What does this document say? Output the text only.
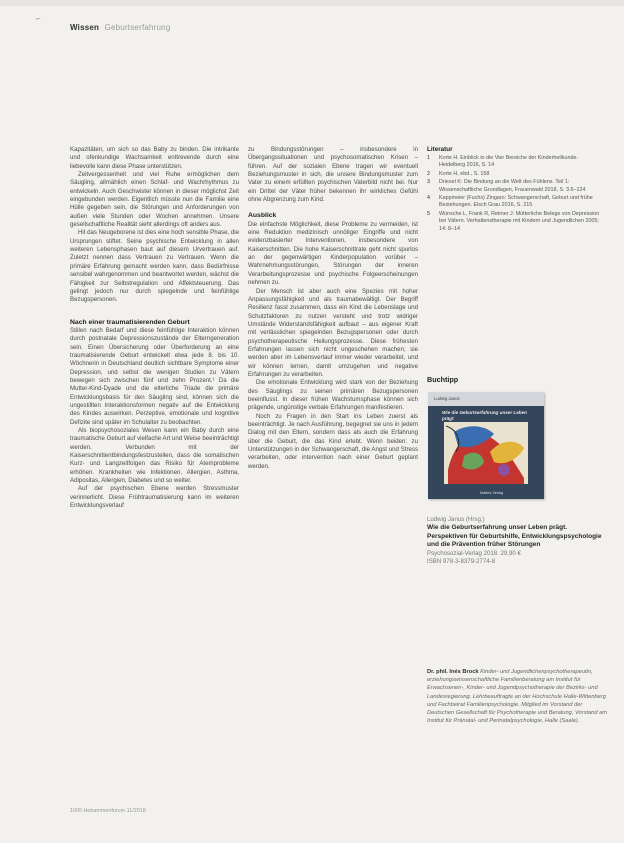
⌐
Wissen Geburtserfahrung

Kapazitäten, um sich so das Baby zu binden. Die intrikante und ofenkundige Wachsamkeit enttrevende durch eine liebevolle kann diese Phase unterstützen.

Zeitvergessenheit und viel Ruhe ermöglichen dem Säugling, allmählich einen Schlaf- und Wachrhythmus zu entwickeln. Auch Geschwister können in dieser möglichst Zeit eingebunden werden. Eigentlich müsste nun die Familie eine Hülle gegeben sein, die Störungen und Anforderungen von außen viele Stunden oder Wochen annehmen. Unsere gesellschaftliche Realität sieht allerdings oft anders aus.

Hit das Neugeborene ist dies eine hoch sensible Phase, die Ursprungen stiftet. Seine psychische Entwicklung in allen weiteren Lebensphasen baut auf diesem Urvertrauen auf. Zuletzt nennen dass Vertrauen zu Vertrauen. Wenn die primäre Erfahrung gemacht werden kann, dass Bedürfnisse sensibel wahrgenommen und beantwortet werden, wächst die Fähigkeit zur Selbstregulation und Affektsteuerung. Das gelingt jedoch nur durch spiegelnde und feinfühlige Bezugspersonen.

Nach einer traumatisierenden Geburt

Stillen nach Bedarf und diese feinfühlige Interaktion können durch postnatale Depressionszustände der Elterngeneration sein. Einen Übersicherung oder Überforderung an eine traumatisierende Geburt entwickelt etwa jede 8. bis 10. Wöchnerin in Deutschland deutlich sichtbare Symptome einer Depression, und selbst die wenigen Studien zu Vätern bewegen sich zwischen fünf und zehn Prozent.¹ Da die Mutter-Kind-Dyade und die elterliche Triade die primäre Entwicklungsbasis für den Säugling sind, können sich die ungestillten Interaktionsformen negativ auf die Entwicklung des Kindes auswirken. Perzeptive, emotionale und kognitive Defizite sind später im Schulalter zu beobachten.

Als biopsychosoziales Wesen kann ein Baby durch eine traumatische Geburt auf vielfache Art und Weise beeinträchtigt werden. Verbunden mit der Kaiserschnittentbindungsfestzustellen, dass die somatischen Kurz- und Langzeitfolgen das Risiko für Atemprobleme erhöhen. Krankheiten wie Infektionen, Allergien, Asthma, Adipositas, Allergien, Diabetes und so weiter.

Auf der psychischen Ebene werden Stressmuster verinnerlicht. Diese Frühtraumatisierung kann im weiteren Entwicklungsverlauf

zu Bindungsstörungen – insbesondere in Übergangssituationen und psychosomatischen Krisen – führen. Auf der sozialen Ebene tragen wir eventuell Beziehungsmuster in sich, die unsere Bindungsmuster zum Vater zu einem erfüllten psychischen Vaterbild nicht bei. Nur ein Drittel der Väter früher bekennen ihr wirkliches Gefühl ohne Abgrenzung zum Kind.

Ausblick

Die einfachste Möglichkeit, diese Probleme zu vermeiden, ist eine Reduktion medizinisch unnötiger Eingriffe und nicht evidenzbasierter Interventionen, insbesondere von Kaiserschnitten. Die hohe Kaiserschnittrate geht nicht spurlos an der gegenwärtigen Kinderpopulation vorüber – Wahrnehmungsstörungen, Störungen der inneren Verarbeitungsprozesse und psychische Folgeerscheinungen nehmen zu.

Der Mensch ist aber auch eine Spezies mit hoher Anpassungsfähigkeit und als traumabewältigt. Der Begriff Resilienz fasst zusammen, dass ein Kind die Lebenslage und Schutzfaktoren zu nutzen versteht und trotz widriger Umstände Widerstandsfähigkeit aufbaut – aus eigener Kraft mit verlässlichen spiegelnden Bezugspersonen oder durch psychotherapeutische Heilungsprozesse. Diese frühesten Erfahrungen lassen sich nicht ungeschehen machen; sie werden aber im Lebensverlauf immer wieder verarbeitet, und wir können lernen, damit umzugehen und negative Erfahrungen zu verarbeiten.

Die emotionale Entwicklung wird stark von der Beziehung des Säuglings zu seinen primären Bezugspersonen beeinflusst. In dieser frühen Wachstumsphase können sich prägende, ungünstige verbale Erfahrungen manifestieren.

Noch zu Fragen in den Start ins Leben zuerst als beeinträchtigt. Je nach Ausführung, begegnet sie uns in jedem Dialog mit den Eltern, sondern dass als auch die Erfahrung über die Geburt, die das Kind erlebt. Wenn beiden: zu Unterstützungen in der Schwangerschaft, die Angst und Stress verarbeiten, oder intervention nach einer Geburt geplant werden.

Literatur
1 Korte H. Einblick in die Vier Bereiche der Kinderheilkunde. Heidelberg 2016, S. 14
2 Korte H, ebd., S. 158
3 Driesel K: Die Bindung an die Welt des Fühlens. Teil 1: Wissenschaftliche Grundlagen, Frauenwald 2018, S. 3.6–124
4 Kappmeier (Fuchs) Zingaro: Schwangerschaft, Geburt und frühe Beziehungen. Elsch Grau 2016, S. 215
5 Wünsche L, Frank R, Reimer J: Mütterliche Belege von Depression bei Vätern. Verhaltenstherapie mit Kindern und Jugendlichen 2005; 14: 8–14
Buchtipp
Ludwig Janus
Wie die Geburtserfahrung unser Leben prägt
Mattes Verlag
Ludwig Janus (Hrsg.)
Wie die Geburtserfahrung unser Leben prägt. Perspektiven für Geburtshilfe, Entwicklungspsychologie und die Prävention früher Störungen
Psychosozial-Verlag 2018. 29,90 €
ISBN 978-3-8379-2774-8
Dr. phil. Inés Brock Kinder- und Jugendlichenpsychotherapeutin, erziehungswissenschaftliche Familienberatung am Institut für Erwachsenen-, Kinder- und Jugendpsychotherapie der Bezirks- und Landesregierung. Lehrbeauftragte an der Hochschule Halle-Wittenberg und Fachbeirat Familienpsychologie. Mitglied im Vorstand der Deutschen Gesellschaft für Psychotherapie und Beratung, Vorstand am Institut für Pränatal- und Perinatalpsychologie, Halle (Saale).
1000 Hebammenforum 11/2018
